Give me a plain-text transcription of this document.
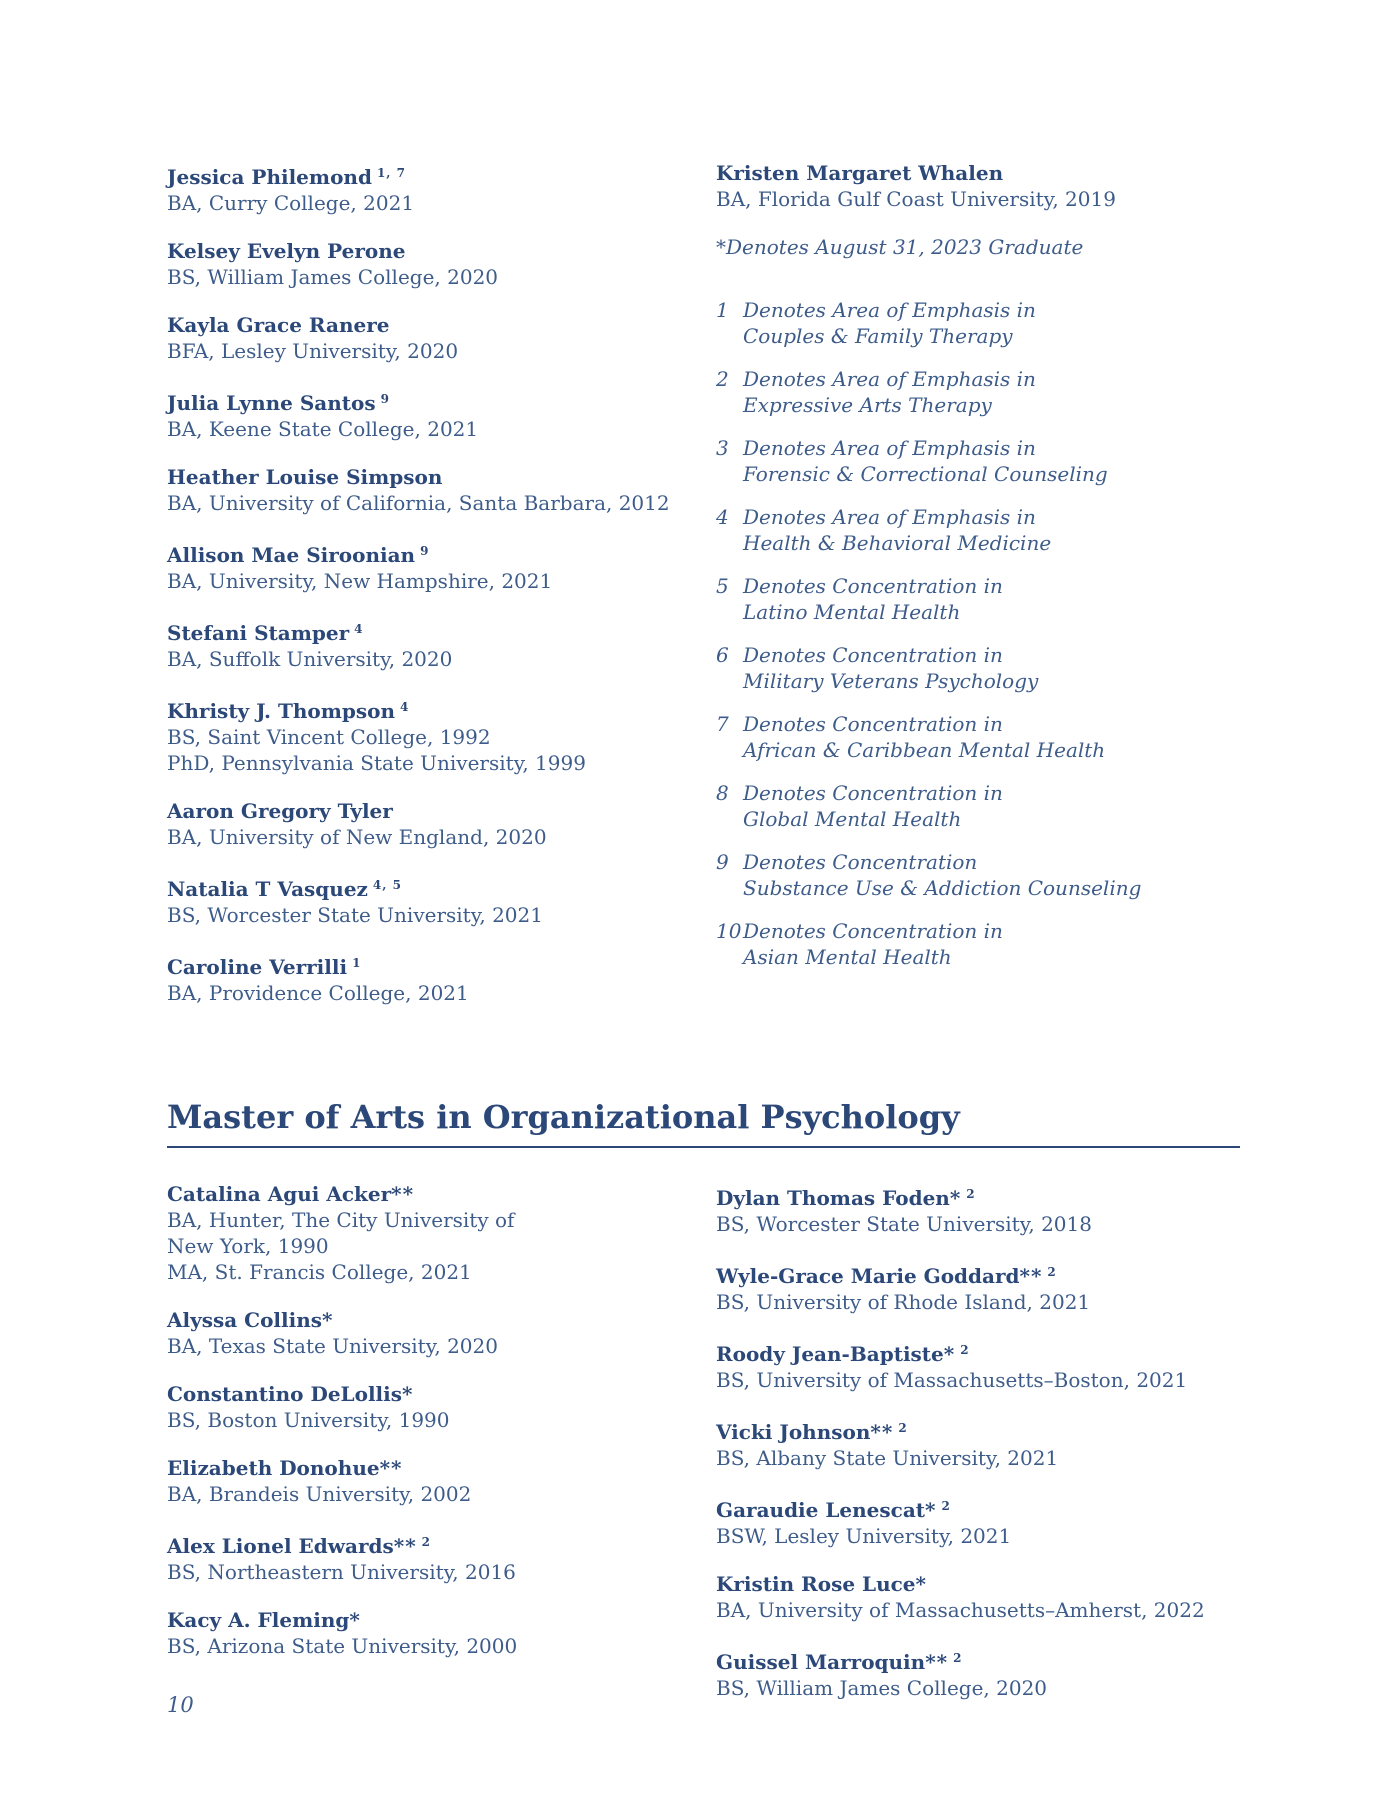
Jessica Philemond $^{1, 7}$
BA, Curry College, 2021
Kelsey Evelyn Perone
BS, William James College, 2020
Kayla Grace Ranere
BFA, Lesley University, 2020
Julia Lynne Santos $^9$
BA, Keene State College, 2021
Heather Louise Simpson
BA, University of California, Santa Barbara, 2012
Allison Mae Siroonian $^9$
BA, University, New Hampshire, 2021
Stefani Stamper $^4$
BA, Suffolk University, 2020
Khristy J. Thompson $^4$
BS, Saint Vincent College, 1992
PhD, Pennsylvania State University, 1999
Aaron Gregory Tyler
BA, University of New England, 2020
Natalia T Vasquez $^{4, 5}$
BS, Worcester State University, 2021
Caroline Verrilli $^1$
BA, Providence College, 2021
Kristen Margaret Whalen
BA, Florida Gulf Coast University, 2019
*Denotes August 31, 2023 Graduate
1 Denotes Area of Emphasis in
Couples & Family Therapy
2 Denotes Area of Emphasis in
Expressive Arts Therapy
3 Denotes Area of Emphasis in
Forensic & Correctional Counseling
4 Denotes Area of Emphasis in
Health & Behavioral Medicine
5 Denotes Concentration in
Latino Mental Health
6 Denotes Concentration in
Military Veterans Psychology
7 Denotes Concentration in
African & Caribbean Mental Health
8 Denotes Concentration in
Global Mental Health
9 Denotes Concentration
Substance Use & Addiction Counseling
10 Denotes Concentration in
Asian Mental Health
Master of Arts in Organizational Psychology
Catalina Agui Acker**
BA, Hunter, The City University of
New York, 1990
MA, St. Francis College, 2021
Alyssa Collins*
BA, Texas State University, 2020
Constantino DeLollis*
BS, Boston University, 1990
Elizabeth Donohue**
BA, Brandeis University, 2002
Alex Lionel Edwards** $^2$
BS, Northeastern University, 2016
Kacy A. Fleming*
BS, Arizona State University, 2000
Dylan Thomas Foden* $^2$
BS, Worcester State University, 2018
Wyle-Grace Marie Goddard** $^2$
BS, University of Rhode Island, 2021
Roody Jean-Baptiste* $^2$
BS, University of Massachusetts–Boston, 2021
Vicki Johnson** $^2$
BS, Albany State University, 2021
Garaudie Lenescat* $^2$
BSW, Lesley University, 2021
Kristin Rose Luce*
BA, University of Massachusetts–Amherst, 2022
Guissel Marroquin** $^2$
BS, William James College, 2020
10
